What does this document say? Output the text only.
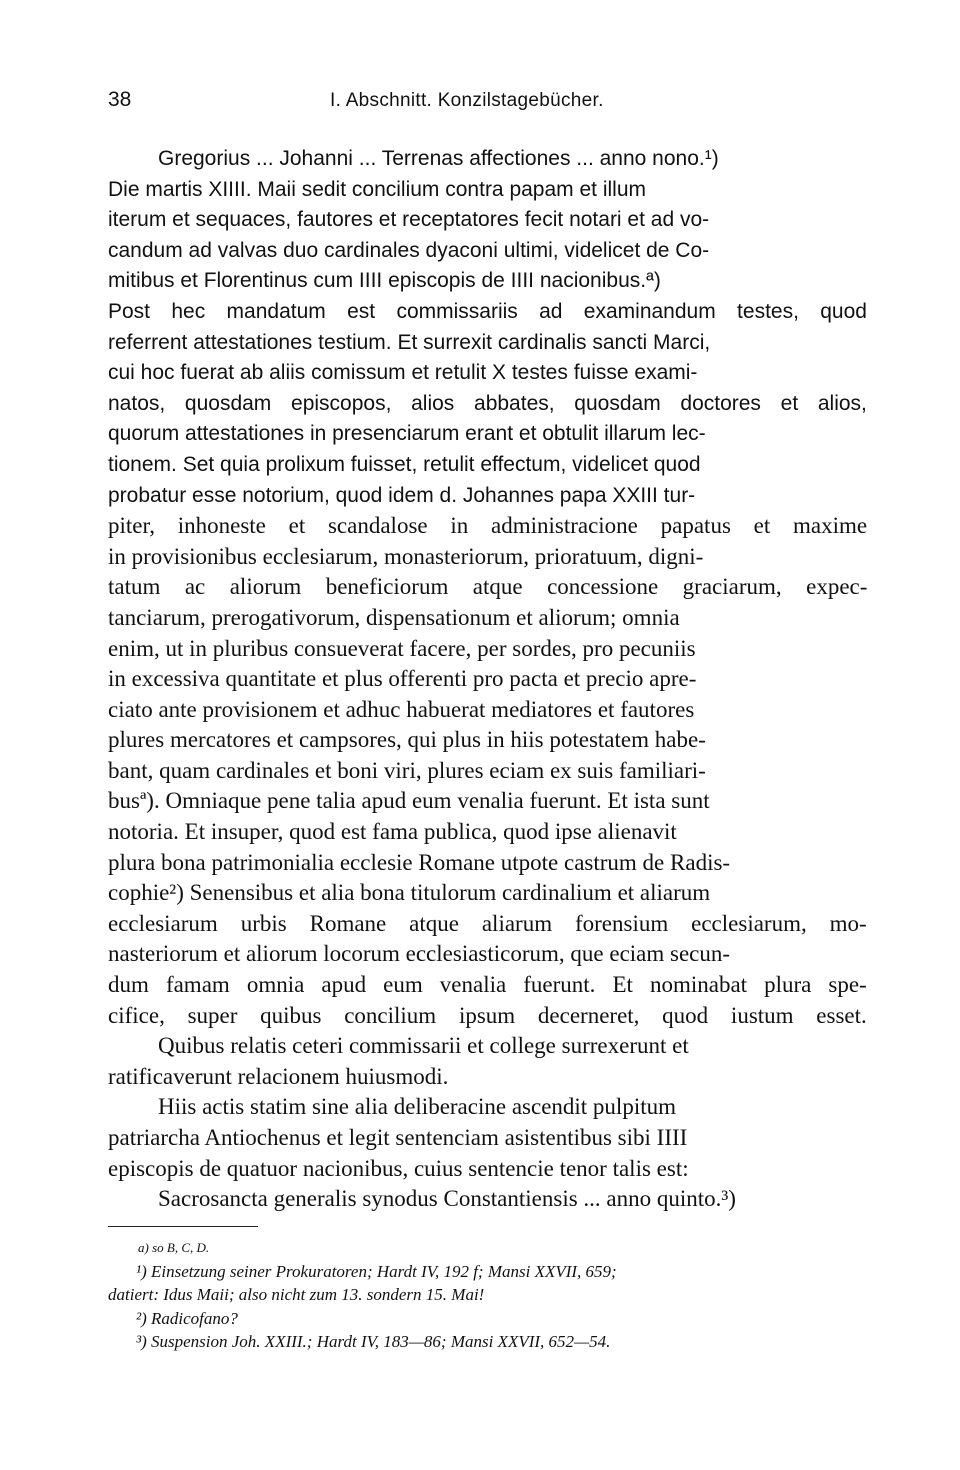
38	I. Abschnitt. Konzilstagebücher.
Gregorius ... Johanni ... Terrenas affectiones ... anno nono.¹)
Die martis XIIII. Maii sedit concilium contra papam et illum
iterum et sequaces, fautores et receptatores fecit notari et ad vo-
candum ad valvas duo cardinales dyaconi ultimi, videlicet de Co-
mitibus et Florentinus cum IIII episcopis de IIII nacionibus.ª)
Post hec mandatum est commissariis ad examinandum testes, quod
referrent attestationes testium. Et surrexit cardinalis sancti Marci,
cui hoc fuerat ab aliis comissum et retulit X testes fuisse exami-
natos, quosdam episcopos, alios abbates, quosdam doctores et alios,
quorum attestationes in presenciarum erant et obtulit illarum lec-
tionem. Set quia prolixum fuisset, retulit effectum, videlicet quod
probatur esse notorium, quod idem d. Johannes papa XXIII tur-
piter, inhoneste et scandalose in administracione papatus et maxime
in provisionibus ecclesiarum, monasteriorum, prioratuum, digni-
tatum ac aliorum beneficiorum atque concessione graciarum, expec-
tanciarum, prerogativorum, dispensationum et aliorum; omnia
enim, ut in pluribus consueverat facere, per sordes, pro pecuniis
in excessiva quantitate et plus offerenti pro pacta et precio apre-
ciato ante provisionem et adhuc habuerat mediatores et fautores
plures mercatores et campsores, qui plus in hiis potestatem habe-
bant, quam cardinales et boni viri, plures eciam ex suis familiari-
busª). Omniaque pene talia apud eum venalia fuerunt. Et ista sunt
notoria. Et insuper, quod est fama publica, quod ipse alienavit
plura bona patrimonialia ecclesie Romane utpote castrum de Radis-
cophie²) Senensibus et alia bona titulorum cardinalium et aliarum
ecclesiarum urbis Romane atque aliarum forensium ecclesiarum, mo-
nasteriorum et aliorum locorum ecclesiasticorum, que eciam secun-
dum famam omnia apud eum venalia fuerunt. Et nominabat plura spe-
cifice, super quibus concilium ipsum decerneret, quod iustum esset.
Quibus relatis ceteri commissarii et college surrexerunt et
ratificaverunt relacionem huiusmodi.
Hiis actis statim sine alia deliberacine ascendit pulpitum
patriarcha Antiochenus et legit sentenciam asistentibus sibi IIII
episcopis de quatuor nacionibus, cuius sentencie tenor talis est:
Sacrosancta generalis synodus Constantiensis ... anno quinto.³)
a) so B, C, D.
¹) Einsetzung seiner Prokuratoren; Hardt IV, 192 f; Mansi XXVII, 659;
datiert: Idus Maii; also nicht zum 13. sondern 15. Mai!
²) Radicofano?
³) Suspension Joh. XXIII.; Hardt IV, 183—86; Mansi XXVII, 652—54.
